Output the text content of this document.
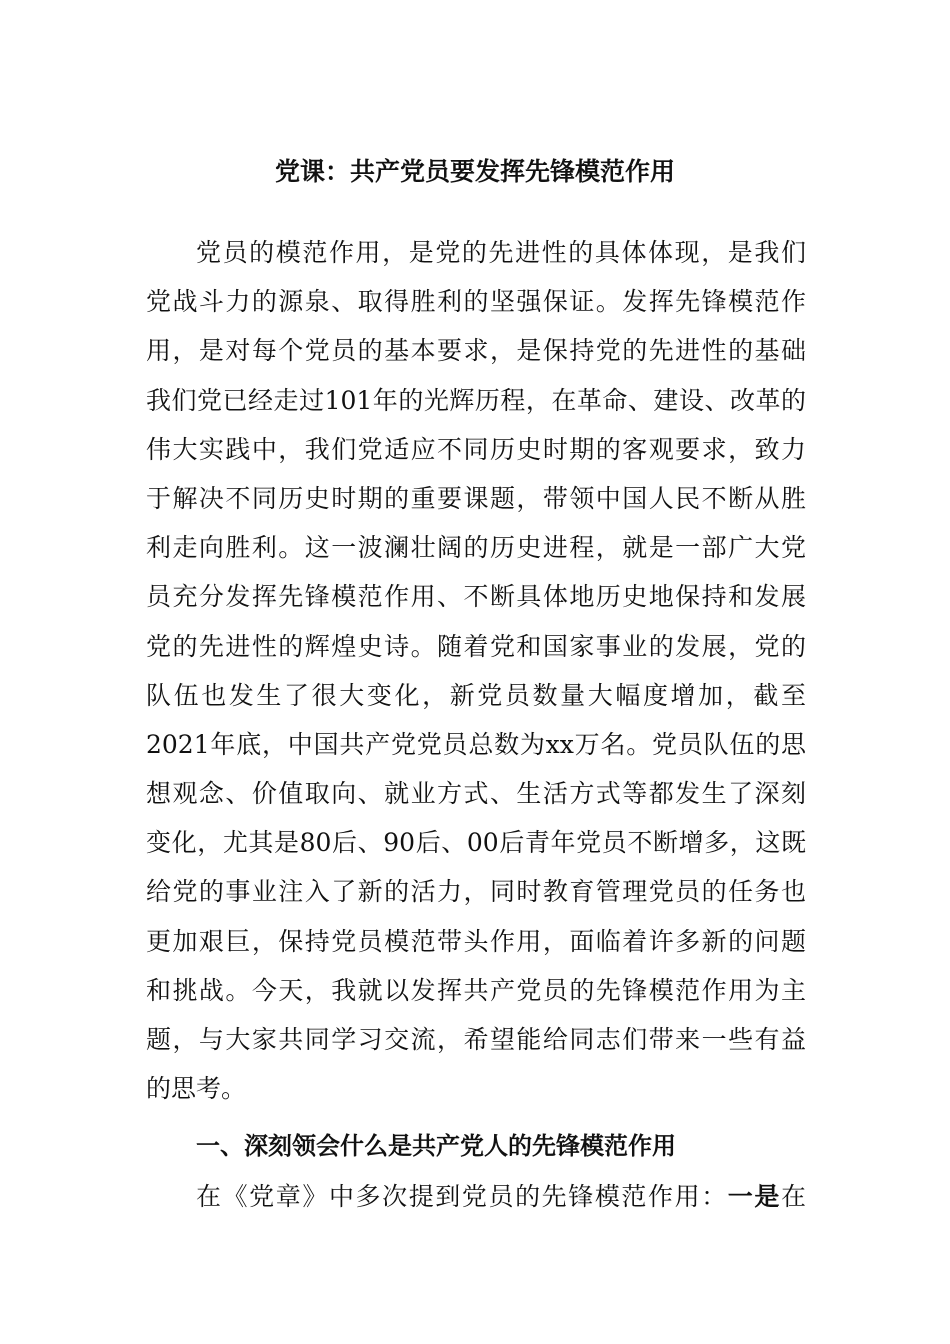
党课：共产党员要发挥先锋模范作用
党员的模范作用，是党的先进性的具体体现，是我们
党战斗力的源泉、取得胜利的坚强保证。发挥先锋模范作
用，是对每个党员的基本要求，是保持党的先进性的基础
我们党已经走过101年的光辉历程，在革命、建设、改革的
伟大实践中，我们党适应不同历史时期的客观要求，致力
于解决不同历史时期的重要课题，带领中国人民不断从胜
利走向胜利。这一波澜壮阔的历史进程，就是一部广大党
员充分发挥先锋模范作用、不断具体地历史地保持和发展
党的先进性的辉煌史诗。随着党和国家事业的发展，党的
队伍也发生了很大变化，新党员数量大幅度增加，截至
2021年底，中国共产党党员总数为xx万名。党员队伍的思
想观念、价值取向、就业方式、生活方式等都发生了深刻
变化，尤其是80后、90后、00后青年党员不断增多，这既
给党的事业注入了新的活力，同时教育管理党员的任务也
更加艰巨，保持党员模范带头作用，面临着许多新的问题
和挑战。今天，我就以发挥共产党员的先锋模范作用为主
题，与大家共同学习交流，希望能给同志们带来一些有益
的思考。
一、深刻领会什么是共产党人的先锋模范作用
在《党章》中多次提到党员的先锋模范作用：一是在
